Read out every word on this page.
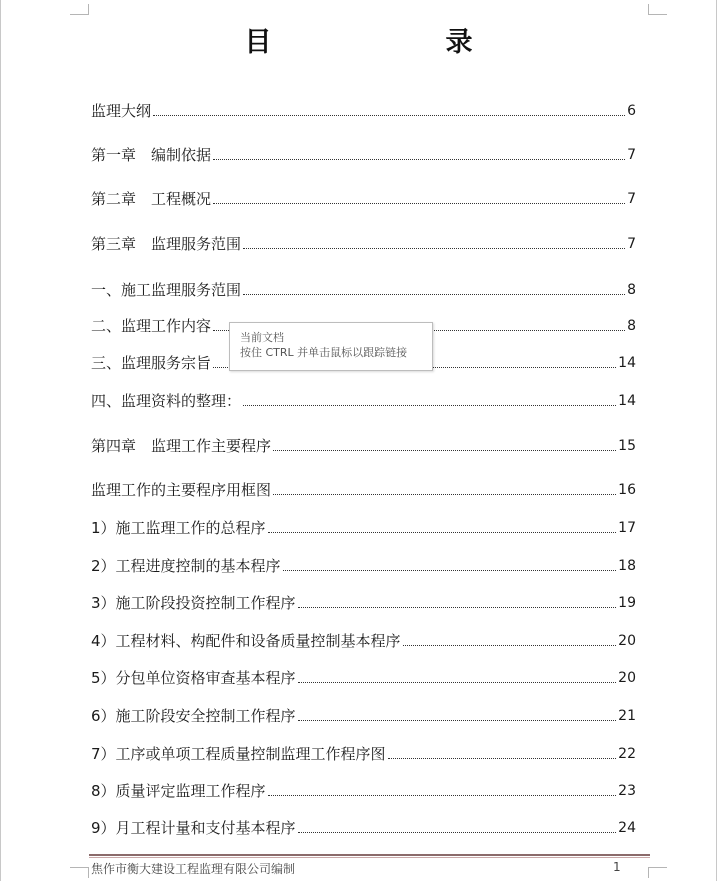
目　　录
监理大纲	6
第一章　编制依据	7
第二章　工程概况	7
第三章　监理服务范围	7
一、施工监理服务范围	8
二、监理工作内容	8
三、监理服务宗旨	14
四、监理资料的整理：	14
第四章　监理工作主要程序	15
监理工作的主要程序用框图	16
1）施工监理工作的总程序	17
2）工程进度控制的基本程序	18
3）施工阶段投资控制工作程序	19
4）工程材料、构配件和设备质量控制基本程序	20
5）分包单位资格审查基本程序	20
6）施工阶段安全控制工作程序	21
7）工序或单项工程质量控制监理工作程序图	22
8）质量评定监理工作程序	23
9）月工程计量和支付基本程序	24
当前文档
按住 CTRL 并单击鼠标以跟踪链接
焦作市衡大建设工程监理有限公司编制	1
